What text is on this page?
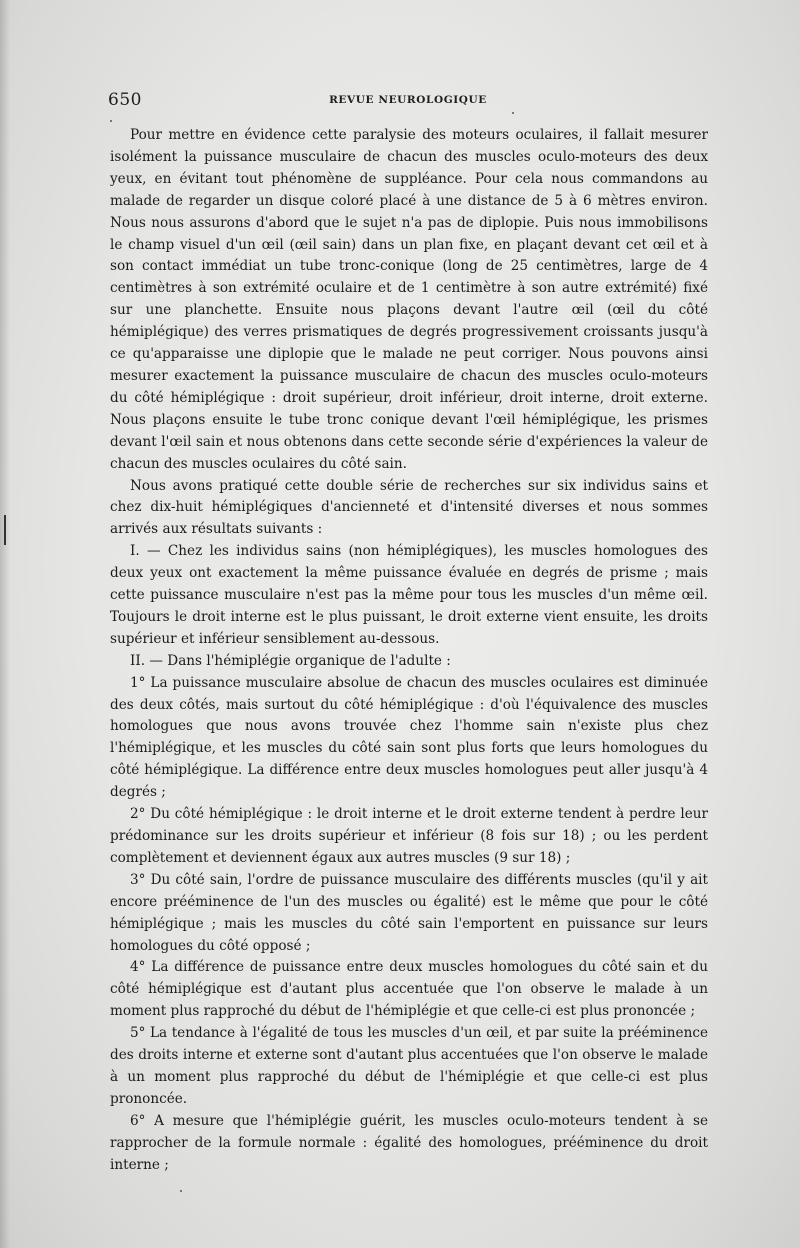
650	REVUE NEUROLOGIQUE

Pour mettre en évidence cette paralysie des moteurs oculaires, il fallait mesurer isolément la puissance musculaire de chacun des muscles oculo-moteurs des deux yeux, en évitant tout phénomène de suppléance. Pour cela nous commandons au malade de regarder un disque coloré placé à une distance de 5 à 6 mètres environ. Nous nous assurons d'abord que le sujet n'a pas de diplopie. Puis nous immobilisons le champ visuel d'un œil (œil sain) dans un plan fixe, en plaçant devant cet œil et à son contact immédiat un tube tronc-conique (long de 25 centimètres, large de 4 centimètres à son extrémité oculaire et de 1 centimètre à son autre extrémité) fixé sur une planchette. Ensuite nous plaçons devant l'autre œil (œil du côté hémiplégique) des verres prismatiques de degrés progressivement croissants jusqu'à ce qu'apparaisse une diplopie que le malade ne peut corriger. Nous pouvons ainsi mesurer exactement la puissance musculaire de chacun des muscles oculo-moteurs du côté hémiplégique : droit supérieur, droit inférieur, droit interne, droit externe. Nous plaçons ensuite le tube tronc conique devant l'œil hémiplégique, les prismes devant l'œil sain et nous obtenons dans cette seconde série d'expériences la valeur de chacun des muscles oculaires du côté sain.

Nous avons pratiqué cette double série de recherches sur six individus sains et chez dix-huit hémiplégiques d'ancienneté et d'intensité diverses et nous sommes arrivés aux résultats suivants :

I. — Chez les individus sains (non hémiplégiques), les muscles homologues des deux yeux ont exactement la même puissance évaluée en degrés de prisme ; mais cette puissance musculaire n'est pas la même pour tous les muscles d'un même œil. Toujours le droit interne est le plus puissant, le droit externe vient ensuite, les droits supérieur et inférieur sensiblement au-dessous.

II. — Dans l'hémiplégie organique de l'adulte :

1° La puissance musculaire absolue de chacun des muscles oculaires est diminuée des deux côtés, mais surtout du côté hémiplégique : d'où l'équivalence des muscles homologues que nous avons trouvée chez l'homme sain n'existe plus chez l'hémiplégique, et les muscles du côté sain sont plus forts que leurs homologues du côté hémiplégique. La différence entre deux muscles homologues peut aller jusqu'à 4 degrés ;

2° Du côté hémiplégique : le droit interne et le droit externe tendent à perdre leur prédominance sur les droits supérieur et inférieur (8 fois sur 18) ; ou les perdent complètement et deviennent égaux aux autres muscles (9 sur 18) ;

3° Du côté sain, l'ordre de puissance musculaire des différents muscles (qu'il y ait encore prééminence de l'un des muscles ou égalité) est le même que pour le côté hémiplégique ; mais les muscles du côté sain l'emportent en puissance sur leurs homologues du côté opposé ;

4° La différence de puissance entre deux muscles homologues du côté sain et du côté hémiplégique est d'autant plus accentuée que l'on observe le malade à un moment plus rapproché du début de l'hémiplégie et que celle-ci est plus prononcée ;

5° La tendance à l'égalité de tous les muscles d'un œil, et par suite la prééminence des droits interne et externe sont d'autant plus accentuées que l'on observe le malade à un moment plus rapproché du début de l'hémiplégie et que celle-ci est plus prononcée.

6° A mesure que l'hémiplégie guérit, les muscles oculo-moteurs tendent à se rapprocher de la formule normale : égalité des homologues, prééminence du droit interne ;
